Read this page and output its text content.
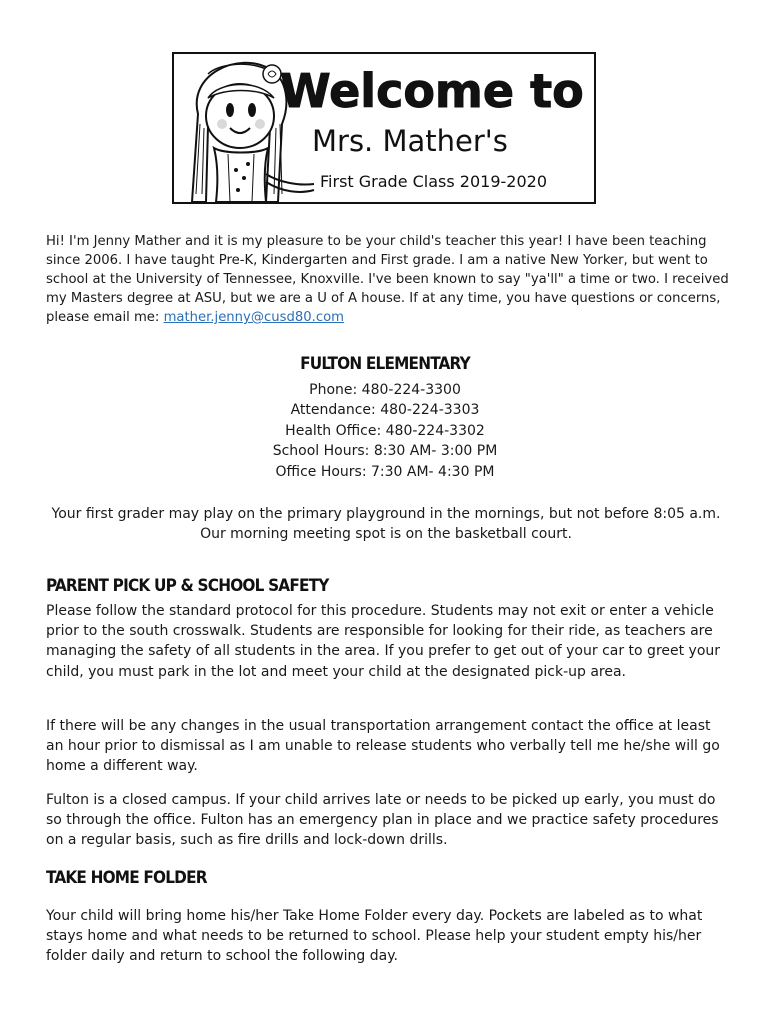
Welcome to
Mrs. Mather's
First Grade Class 2019-2020

Hi! I'm Jenny Mather and it is my pleasure to be your child's teacher this year! I have been teaching since 2006. I have taught Pre-K, Kindergarten and First grade. I am a native New Yorker, but went to school at the University of Tennessee, Knoxville. I've been known to say "ya'll" a time or two. I received my Masters degree at ASU, but we are a U of A house. If at any time, you have questions or concerns, please email me: mather.jenny@cusd80.com

FULTON ELEMENTARY
Phone: 480-224-3300
Attendance: 480-224-3303
Health Office: 480-224-3302
School Hours: 8:30 AM- 3:00 PM
Office Hours: 7:30 AM- 4:30 PM

Your first grader may play on the primary playground in the mornings, but not before 8:05 a.m. Our morning meeting spot is on the basketball court.

PARENT PICK UP & SCHOOL SAFETY

Please follow the standard protocol for this procedure. Students may not exit or enter a vehicle prior to the south crosswalk. Students are responsible for looking for their ride, as teachers are managing the safety of all students in the area. If you prefer to get out of your car to greet your child, you must park in the lot and meet your child at the designated pick-up area.

If there will be any changes in the usual transportation arrangement contact the office at least an hour prior to dismissal as I am unable to release students who verbally tell me he/she will go home a different way.

Fulton is a closed campus. If your child arrives late or needs to be picked up early, you must do so through the office. Fulton has an emergency plan in place and we practice safety procedures on a regular basis, such as fire drills and lock-down drills.

TAKE HOME FOLDER

Your child will bring home his/her Take Home Folder every day. Pockets are labeled as to what stays home and what needs to be returned to school. Please help your student empty his/her folder daily and return to school the following day.
